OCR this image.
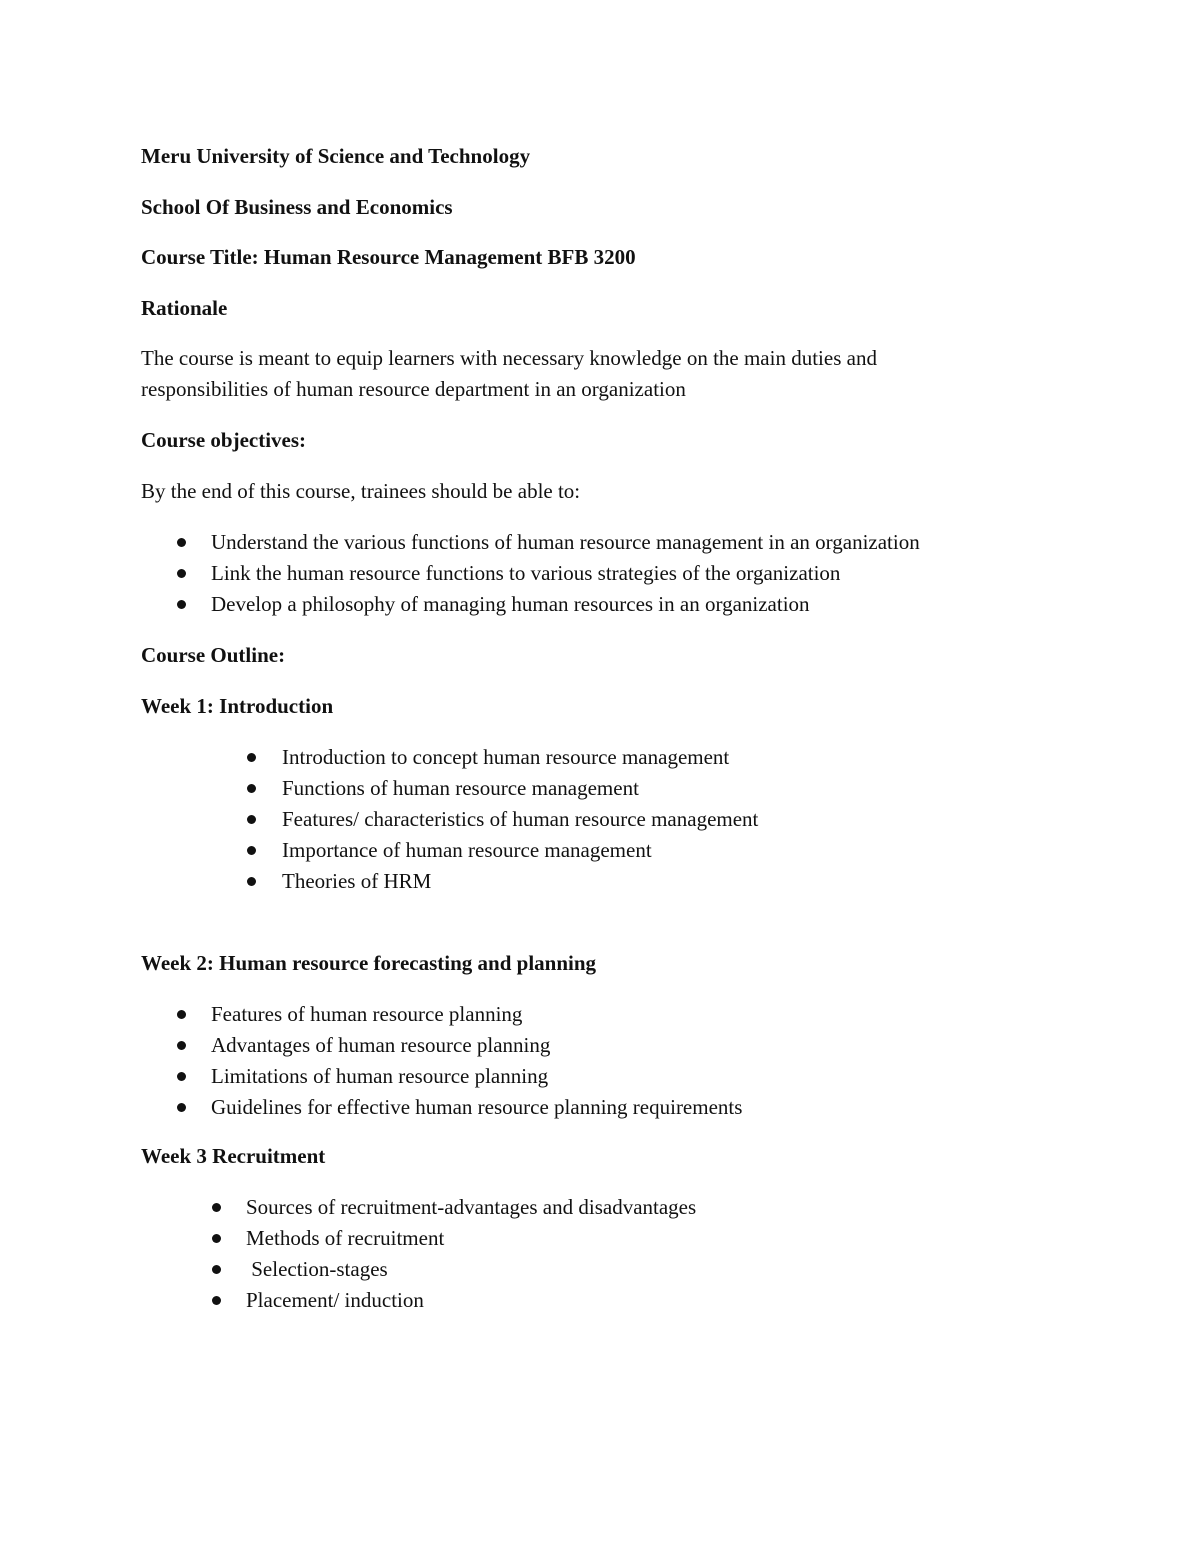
Meru University of Science and Technology
School Of Business and Economics
Course Title: Human Resource Management BFB 3200
Rationale
The course is meant to equip learners with necessary knowledge on the main duties and
responsibilities of human resource department in an organization
Course objectives:
By the end of this course, trainees should be able to:
Understand the various functions of human resource management in an organization
Link the human resource functions to various strategies of the organization
Develop a philosophy of managing human resources in an organization
Course Outline:
Week 1: Introduction
Introduction to concept human resource management
Functions of human resource management
Features/ characteristics of human resource management
Importance of human resource management
Theories of HRM
Week 2: Human resource forecasting and planning
Features of human resource planning
Advantages of human resource planning
Limitations of human resource planning
Guidelines for effective human resource planning requirements
Week 3 Recruitment
Sources of recruitment-advantages and disadvantages
Methods of recruitment
Selection-stages
Placement/ induction
